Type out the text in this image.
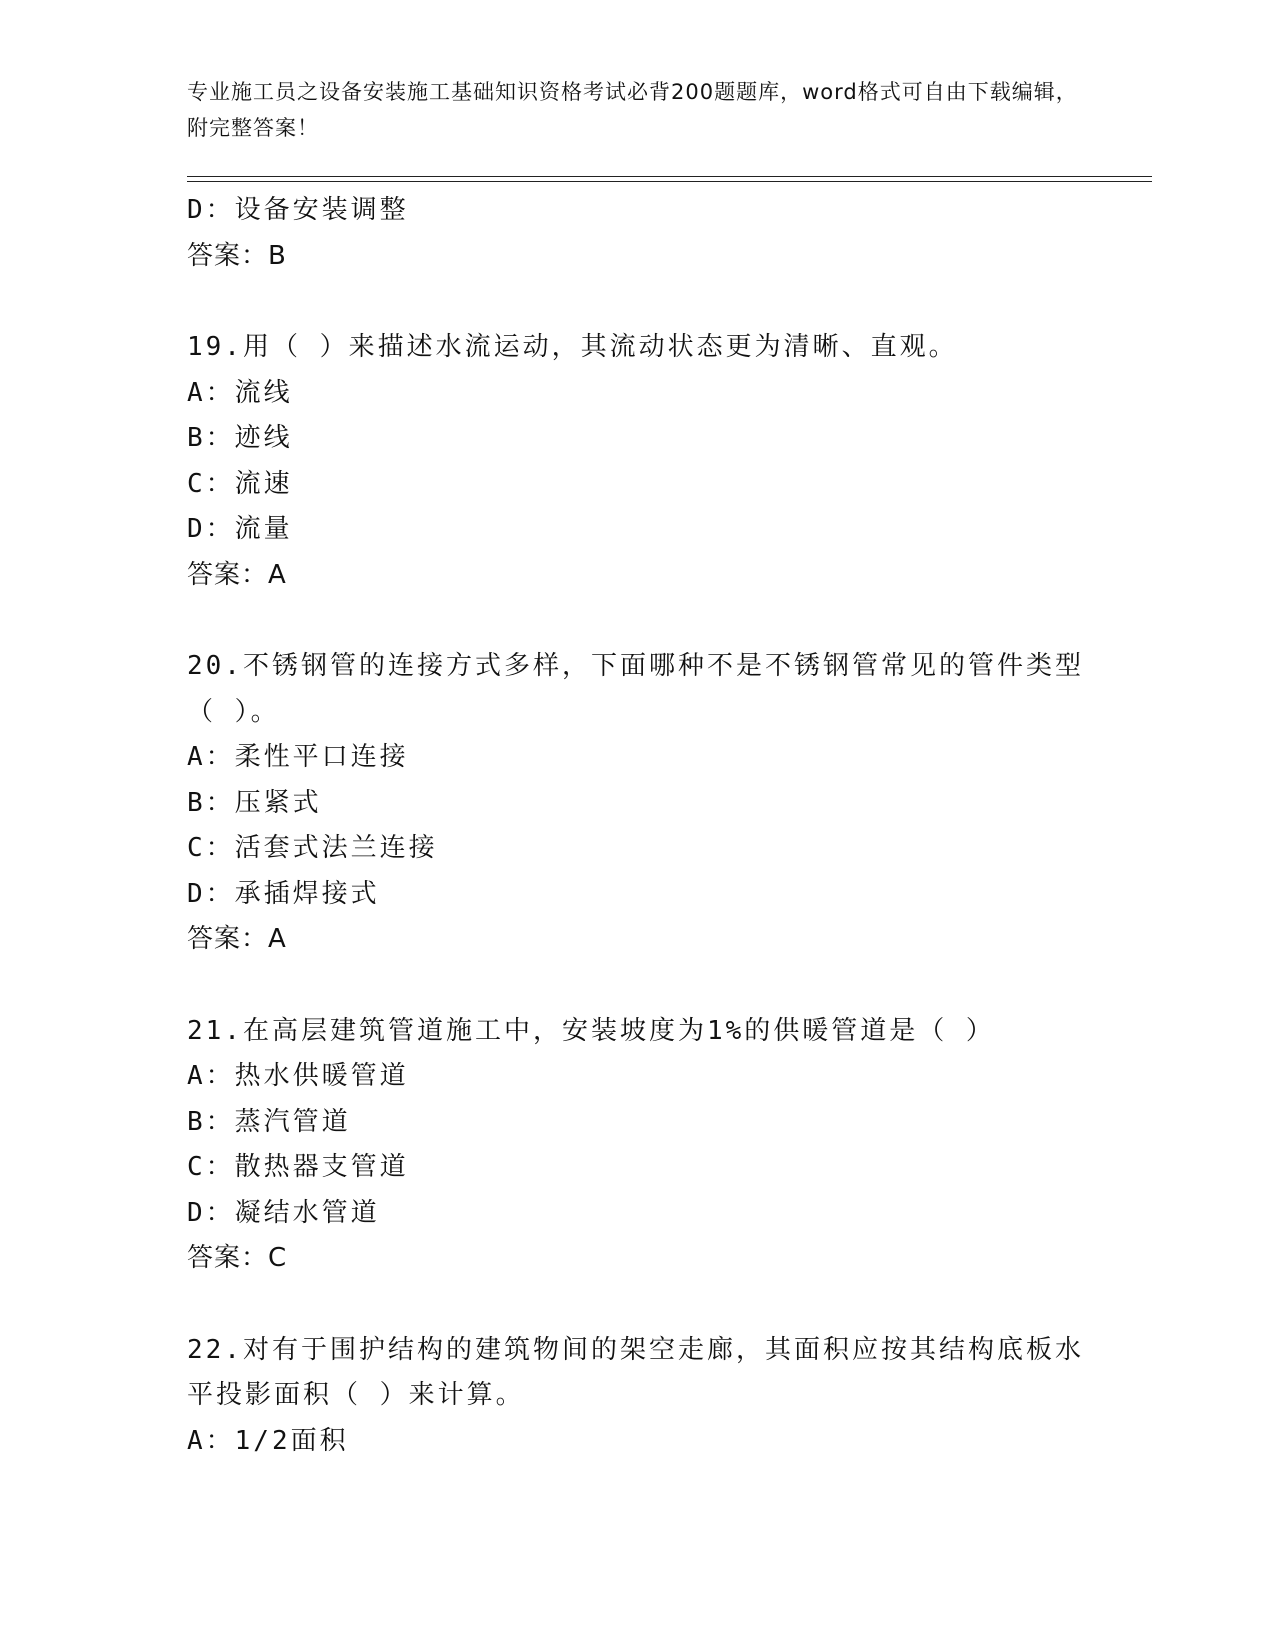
专业施工员之设备安装施工基础知识资格考试必背200题题库，word格式可自由下载编辑，附完整答案！
D：设备安装调整
答案：B
19.用（ ）来描述水流运动，其流动状态更为清晰、直观。
A：流线
B：迹线
C：流速
D：流量
答案：A
20.不锈钢管的连接方式多样，下面哪种不是不锈钢管常见的管件类型（ ）。
A：柔性平口连接
B：压紧式
C：活套式法兰连接
D：承插焊接式
答案：A
21.在高层建筑管道施工中，安装坡度为1%的供暖管道是（ ）
A：热水供暖管道
B：蒸汽管道
C：散热器支管道
D：凝结水管道
答案：C
22.对有于围护结构的建筑物间的架空走廊，其面积应按其结构底板水平投影面积（ ）来计算。
A：1/2面积
